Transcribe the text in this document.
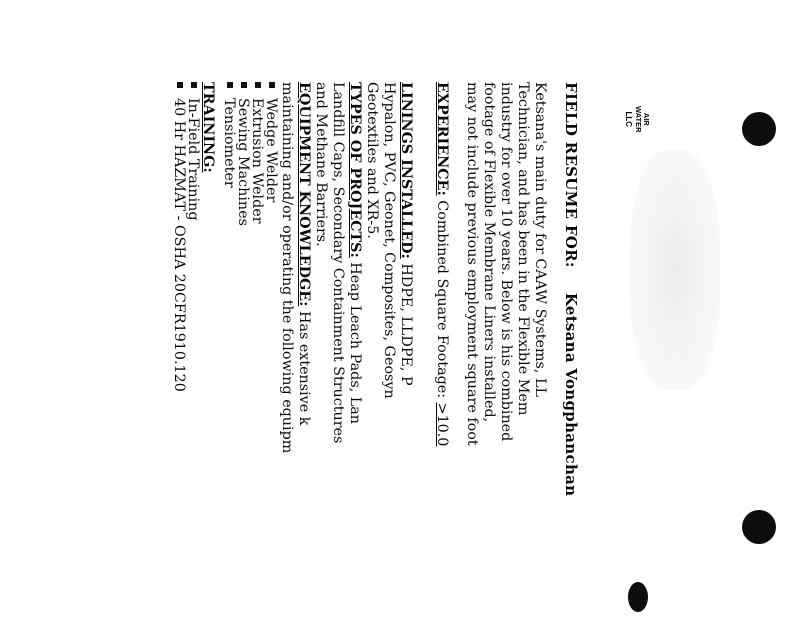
AIR
WATER
LLC
FIELD RESUME FOR:  Ketsana Vongphanchan
Ketsana's main duty for CAAW Systems, LL
Technician, and has been in the Flexible Mem
industry for over 10 years. Below is his combined
footage of Flexible Membrane Liners installed,
may not include previous employment square foot
EXPERIENCE: Combined Square Footage: >10.0
LININGS INSTALLED: HDPE, LLDPE, P
Hypalon, PVC, Geonet, Composites, Geosyn
Geotextiles and XR-5.
TYPES OF PROJECTS: Heap Leach Pads, Lan
Landfill Caps, Secondary Containment Structures
and Methane Barriers.
EQUIPMENT KNOWLEDGE: Has extensive k
maintaining and/or operating the following equipm
Wedge Welder
Extrusion Welder
Sewing Machines
Tensiometer
TRAINING:
In-Field Training
40 Hr HAZMAT - OSHA 20CFR1910.120
